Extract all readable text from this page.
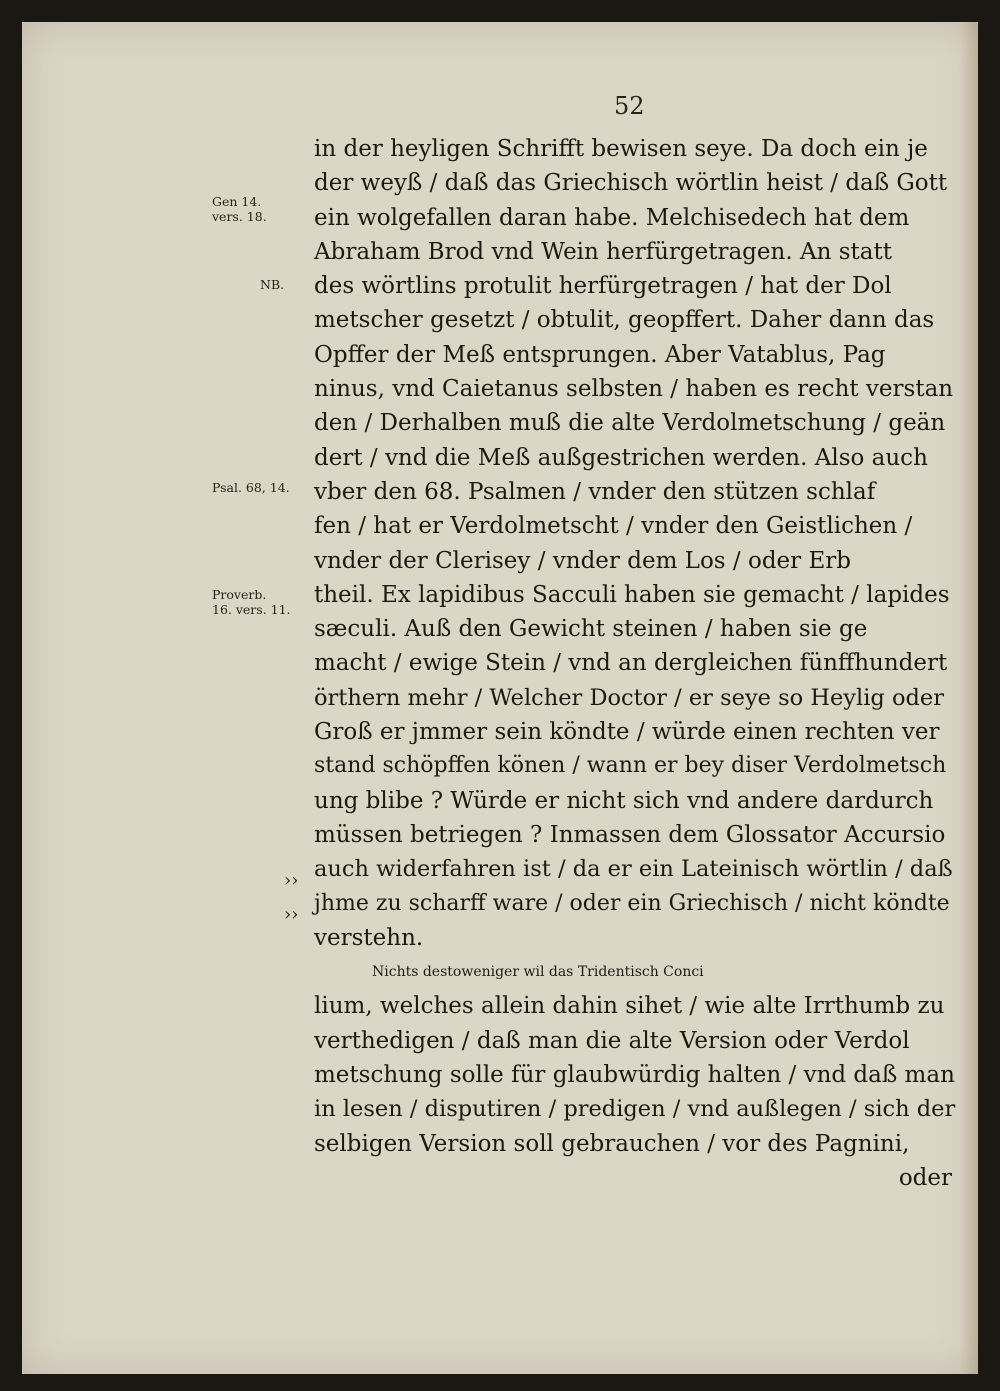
52
Gen 14.
vers. 18.
NB.
Psal. 68, 14.
Proverb.
16. vers. 11.
››
››
in der heyligen Schrifft bewisen seye. Da doch ein je
der weyß / daß das Griechisch wörtlin heist / daß Gott
ein wolgefallen daran habe. Melchisedech hat dem
Abraham Brod vnd Wein herfürgetragen. An statt
des wörtlins protulit herfürgetragen / hat der Dol
metscher gesetzt / obtulit, geopffert. Daher dann das
Opffer der Meß entsprungen. Aber Vatablus, Pag
ninus, vnd Caietanus selbsten / haben es recht verstan
den / Derhalben muß die alte Verdolmetschung / geän
dert / vnd die Meß außgestrichen werden. Also auch
vber den 68. Psalmen / vnder den stützen schlaf
fen / hat er Verdolmetscht / vnder den Geistlichen /
vnder der Clerisey / vnder dem Los / oder Erb
theil. Ex lapidibus Sacculi haben sie gemacht / lapides
sæculi. Auß den Gewicht steinen / haben sie ge
macht / ewige Stein / vnd an dergleichen fünffhundert
örthern mehr / Welcher Doctor / er seye so Heylig oder
Groß er jmmer sein köndte / würde einen rechten ver
stand schöpffen könen / wann er bey diser Verdolmetsch
ung blibe ? Würde er nicht sich vnd andere dardurch
müssen betriegen ? Inmassen dem Glossator Accursio
auch widerfahren ist / da er ein Lateinisch wörtlin / daß
jhme zu scharff ware / oder ein Griechisch / nicht köndte
verstehn.
Nichts destoweniger wil das Tridentisch Conci
lium, welches allein dahin sihet / wie alte Irrthumb zu
verthedigen / daß man die alte Version oder Verdol
metschung solle für glaubwürdig halten / vnd daß man
in lesen / disputiren / predigen / vnd außlegen / sich der
selbigen Version soll gebrauchen / vor des Pagnini,
oder
